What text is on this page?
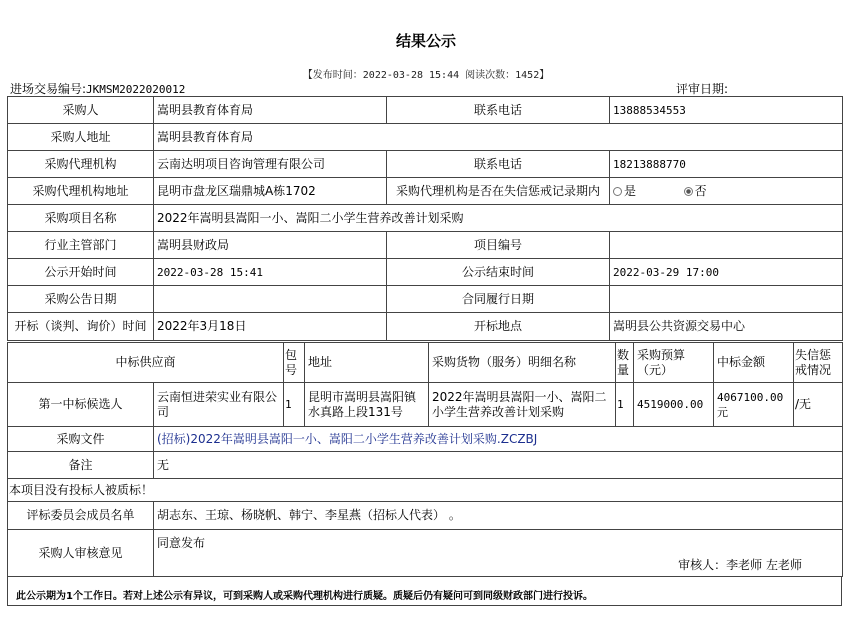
结果公示
【发布时间：2022-03-28 15:44 阅读次数：1452】
进场交易编号:JKMSM2022020012	评审日期:
采购人	嵩明县教育体育局	联系电话	13888534553
采购人地址	嵩明县教育体育局		
采购代理机构	云南达明项目咨询管理有限公司	联系电话	18213888770
采购代理机构地址	昆明市盘龙区瑞鼎城A栋1702	采购代理机构是否在失信惩戒记录期内	是 否
采购项目名称	2022年嵩明县嵩阳一小、嵩阳二小学生营养改善计划采购		
行业主管部门	嵩明县财政局	项目编号	
公示开始时间	2022-03-28 15:41	公示结束时间	2022-03-29 17:00
采购公告日期		合同履行日期	
开标（谈判、询价）时间	2022年3月18日	开标地点	嵩明县公共资源交易中心
中标供应商		包号	地址	采购货物（服务）明细名称	数量	采购预算（元）	中标金额	失信惩戒情况
第一中标候选人	云南恒进荣实业有限公司	1	昆明市嵩明县嵩阳镇水真路上段131号	2022年嵩明县嵩阳一小、嵩阳二小学生营养改善计划采购	1	4519000.00	4067100.00元	/无
采购文件	(招标)2022年嵩明县嵩阳一小、嵩阳二小学生营养改善计划采购.ZCZBJ
备注	无
本项目没有投标人被质标！	
评标委员会成员名单	胡志东、王琼、杨晓帆、韩宁、李星燕（招标人代表） 。
采购人审核意见	同意发布
审核人：李老师 左老师
此公示期为1个工作日。若对上述公示有异议，可到采购人或采购代理机构进行质疑。质疑后仍有疑问可到同级财政部门进行投诉。
